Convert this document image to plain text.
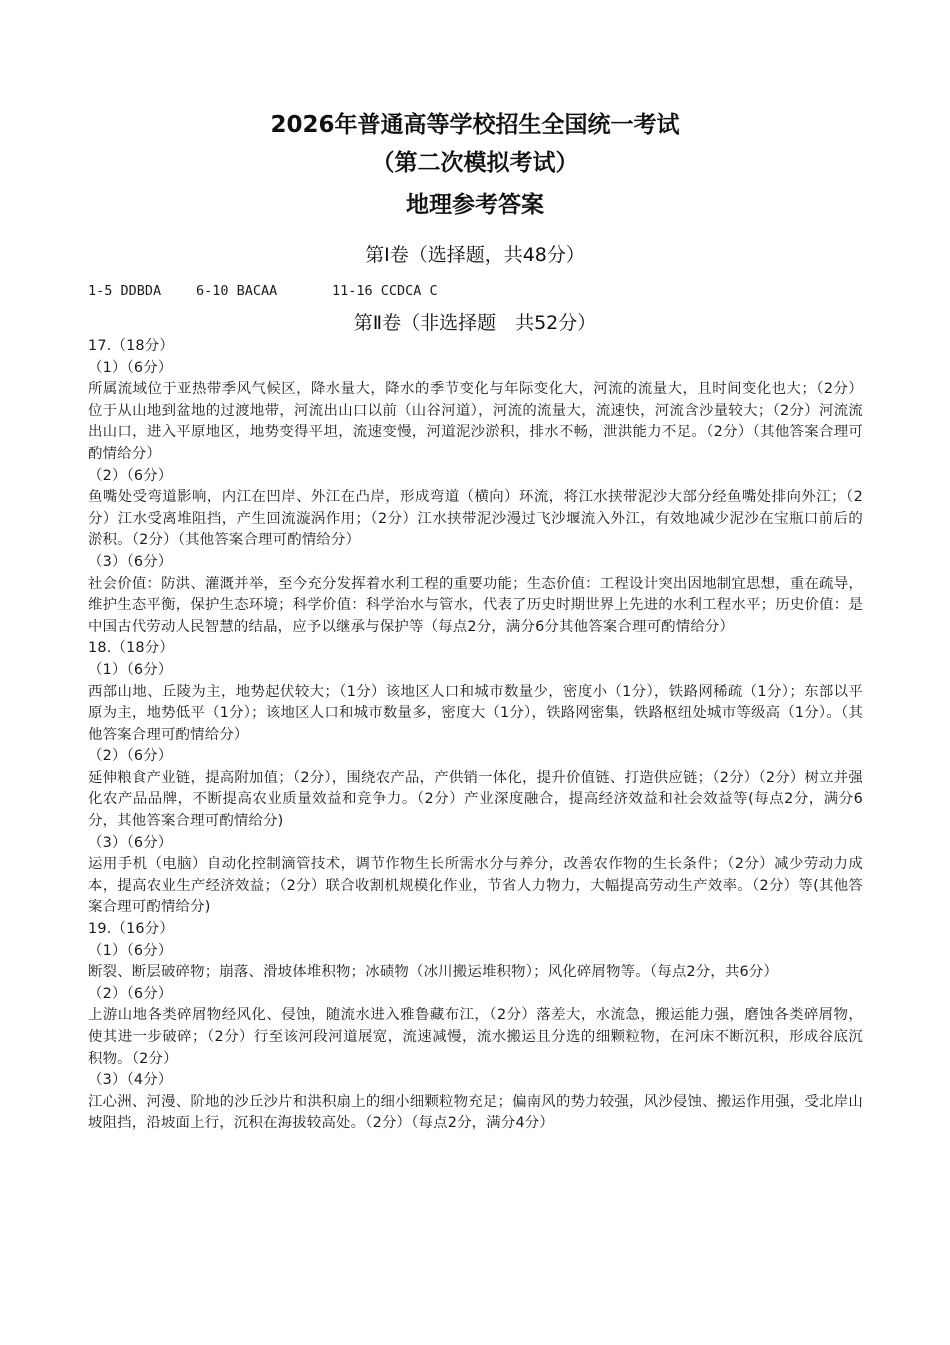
2026年普通高等学校招生全国统一考试
（第二次模拟考试）
地理参考答案
第Ⅰ卷（选择题，共48分）
1-5 DDBDA	6-10 BACAA	11-16 CCDCA C
第Ⅱ卷（非选择题　共52分）
17.（18分）
（1）（6分）

所属流域位于亚热带季风气候区，降水量大，降水的季节变化与年际变化大，河流的流量大，且时间变化也大；（2分）位于从山地到盆地的过渡地带，河流出山口以前（山谷河道），河流的流量大，流速快，河流含沙量较大；（2分）河流流出山口，进入平原地区，地势变得平坦，流速变慢，河道泥沙淤积，排水不畅，泄洪能力不足。（2分）（其他答案合理可酌情给分）

（2）（6分）

鱼嘴处受弯道影响，内江在凹岸、外江在凸岸，形成弯道（横向）环流，将江水挟带泥沙大部分经鱼嘴处排向外江；（2分）江水受离堆阻挡，产生回流漩涡作用；（2分）江水挟带泥沙漫过飞沙堰流入外江，有效地减少泥沙在宝瓶口前后的淤积。（2分）（其他答案合理可酌情给分）

（3）（6分）

社会价值：防洪、灌溉并举，至今充分发挥着水利工程的重要功能；生态价值：工程设计突出因地制宜思想，重在疏导，维护生态平衡，保护生态环境；科学价值：科学治水与管水，代表了历史时期世界上先进的水利工程水平；历史价值：是中国古代劳动人民智慧的结晶，应予以继承与保护等（每点2分，满分6分其他答案合理可酌情给分）

18.（18分）
（1）（6分）

西部山地、丘陵为主，地势起伏较大；（1分）该地区人口和城市数量少，密度小（1分），铁路网稀疏（1分）；东部以平原为主，地势低平（1分）；该地区人口和城市数量多，密度大（1分），铁路网密集，铁路枢纽处城市等级高（1分）。（其他答案合理可酌情给分）

（2）（6分）

延伸粮食产业链，提高附加值；（2分），围绕农产品，产供销一体化，提升价值链、打造供应链；（2分）（2分）树立并强化农产品品牌，不断提高农业质量效益和竞争力。（2分）产业深度融合，提高经济效益和社会效益等(每点2分，满分6分，其他答案合理可酌情给分)

（3）（6分）

运用手机（电脑）自动化控制滴管技术，调节作物生长所需水分与养分，改善农作物的生长条件；（2分）减少劳动力成本，提高农业生产经济效益；（2分）联合收割机规模化作业，节省人力物力，大幅提高劳动生产效率。（2分）等(其他答案合理可酌情给分)

19.（16分）
（1）（6分）

断裂、断层破碎物；崩落、滑坡体堆积物；冰碛物（冰川搬运堆积物）；风化碎屑物等。（每点2分，共6分）

（2）（6分）

上游山地各类碎屑物经风化、侵蚀，随流水进入雅鲁藏布江，（2分）落差大，水流急，搬运能力强，磨蚀各类碎屑物，使其进一步破碎；（2分）行至该河段河道展宽，流速减慢，流水搬运且分选的细颗粒物，在河床不断沉积，形成谷底沉积物。（2分）

（3）（4分）

江心洲、河漫、阶地的沙丘沙片和洪积扇上的细小细颗粒物充足；偏南风的势力较强，风沙侵蚀、搬运作用强，受北岸山坡阻挡，沿坡面上行，沉积在海拔较高处。（2分）（每点2分，满分4分）
